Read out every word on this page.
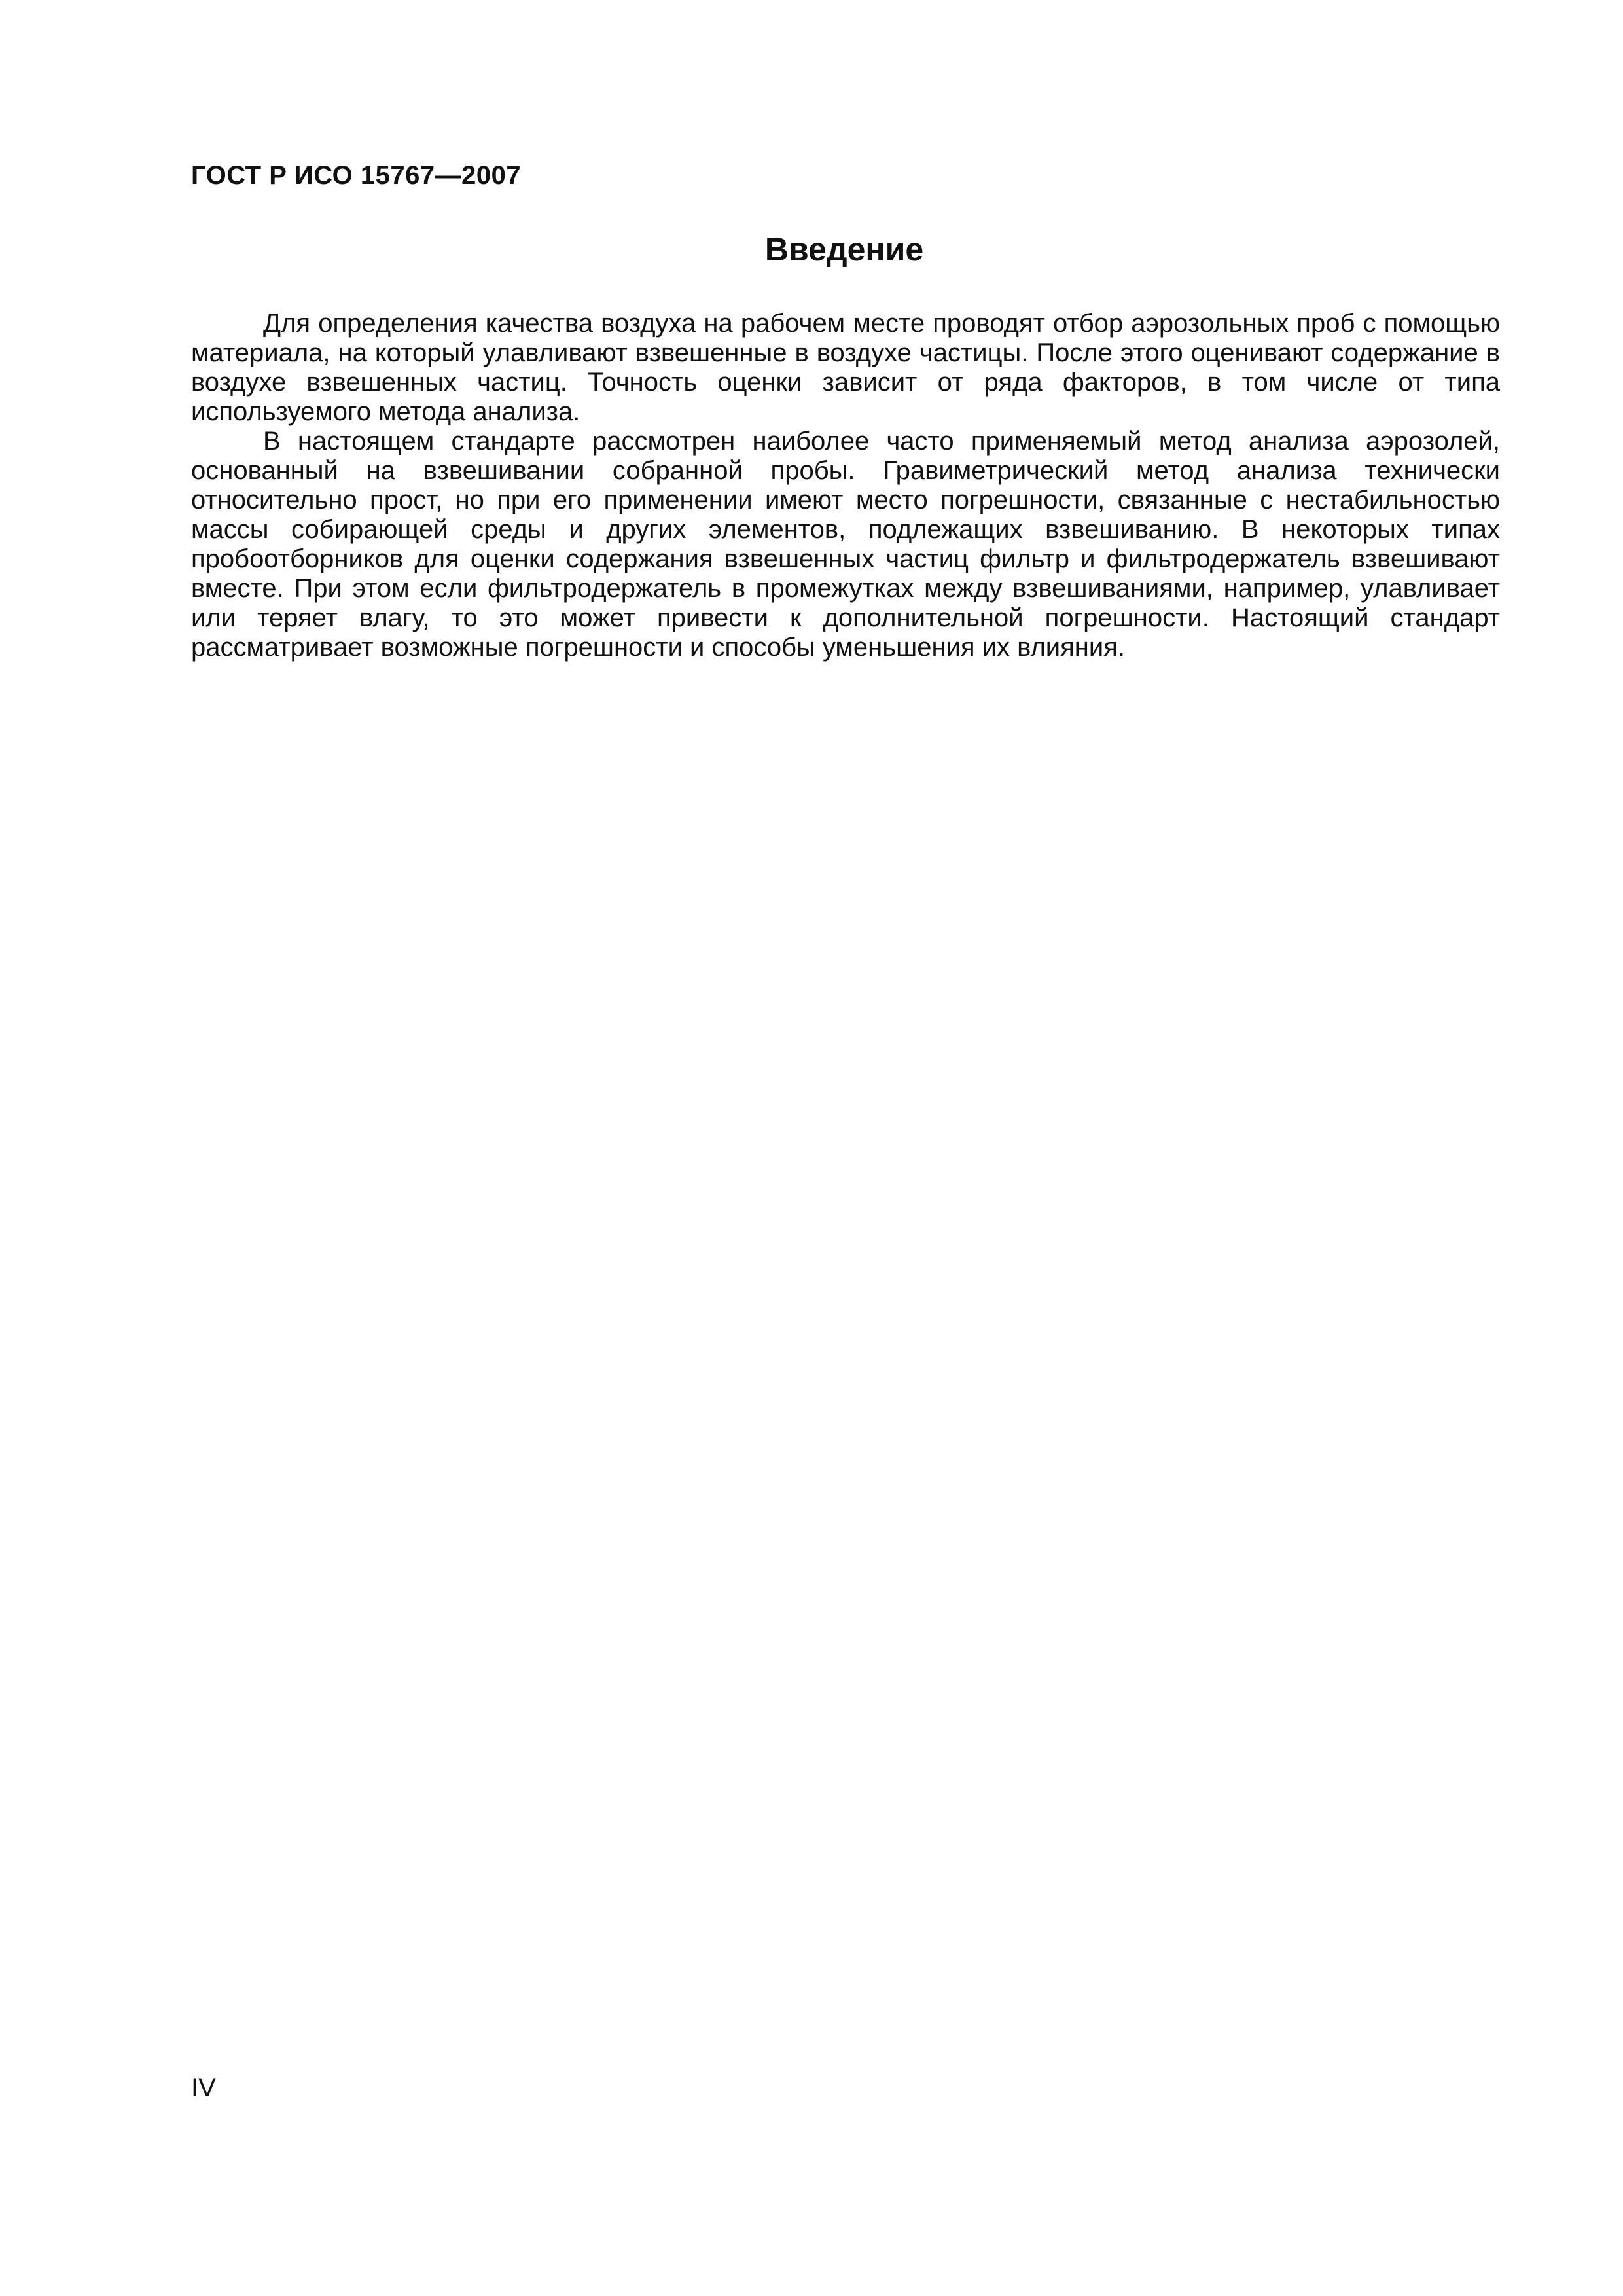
ГОСТ Р ИСО 15767—2007
Введение

Для определения качества воздуха на рабочем месте проводят отбор аэрозольных проб с помощью материала, на который улавливают взвешенные в воздухе частицы. После этого оценивают содержание в воздухе взвешенных частиц. Точность оценки зависит от ряда факторов, в том числе от типа используемого метода анализа.

В настоящем стандарте рассмотрен наиболее часто применяемый метод анализа аэрозолей, основанный на взвешивании собранной пробы. Гравиметрический метод анализа технически относительно прост, но при его применении имеют место погрешности, связанные с нестабильностью массы собирающей среды и других элементов, подлежащих взвешиванию. В некоторых типах пробоотборников для оценки содержания взвешенных частиц фильтр и фильтродержатель взвешивают вместе. При этом если фильтродержатель в промежутках между взвешиваниями, например, улавливает или теряет влагу, то это может привести к дополнительной погрешности. Настоящий стандарт рассматривает возможные погрешности и способы уменьшения их влияния.

IV
